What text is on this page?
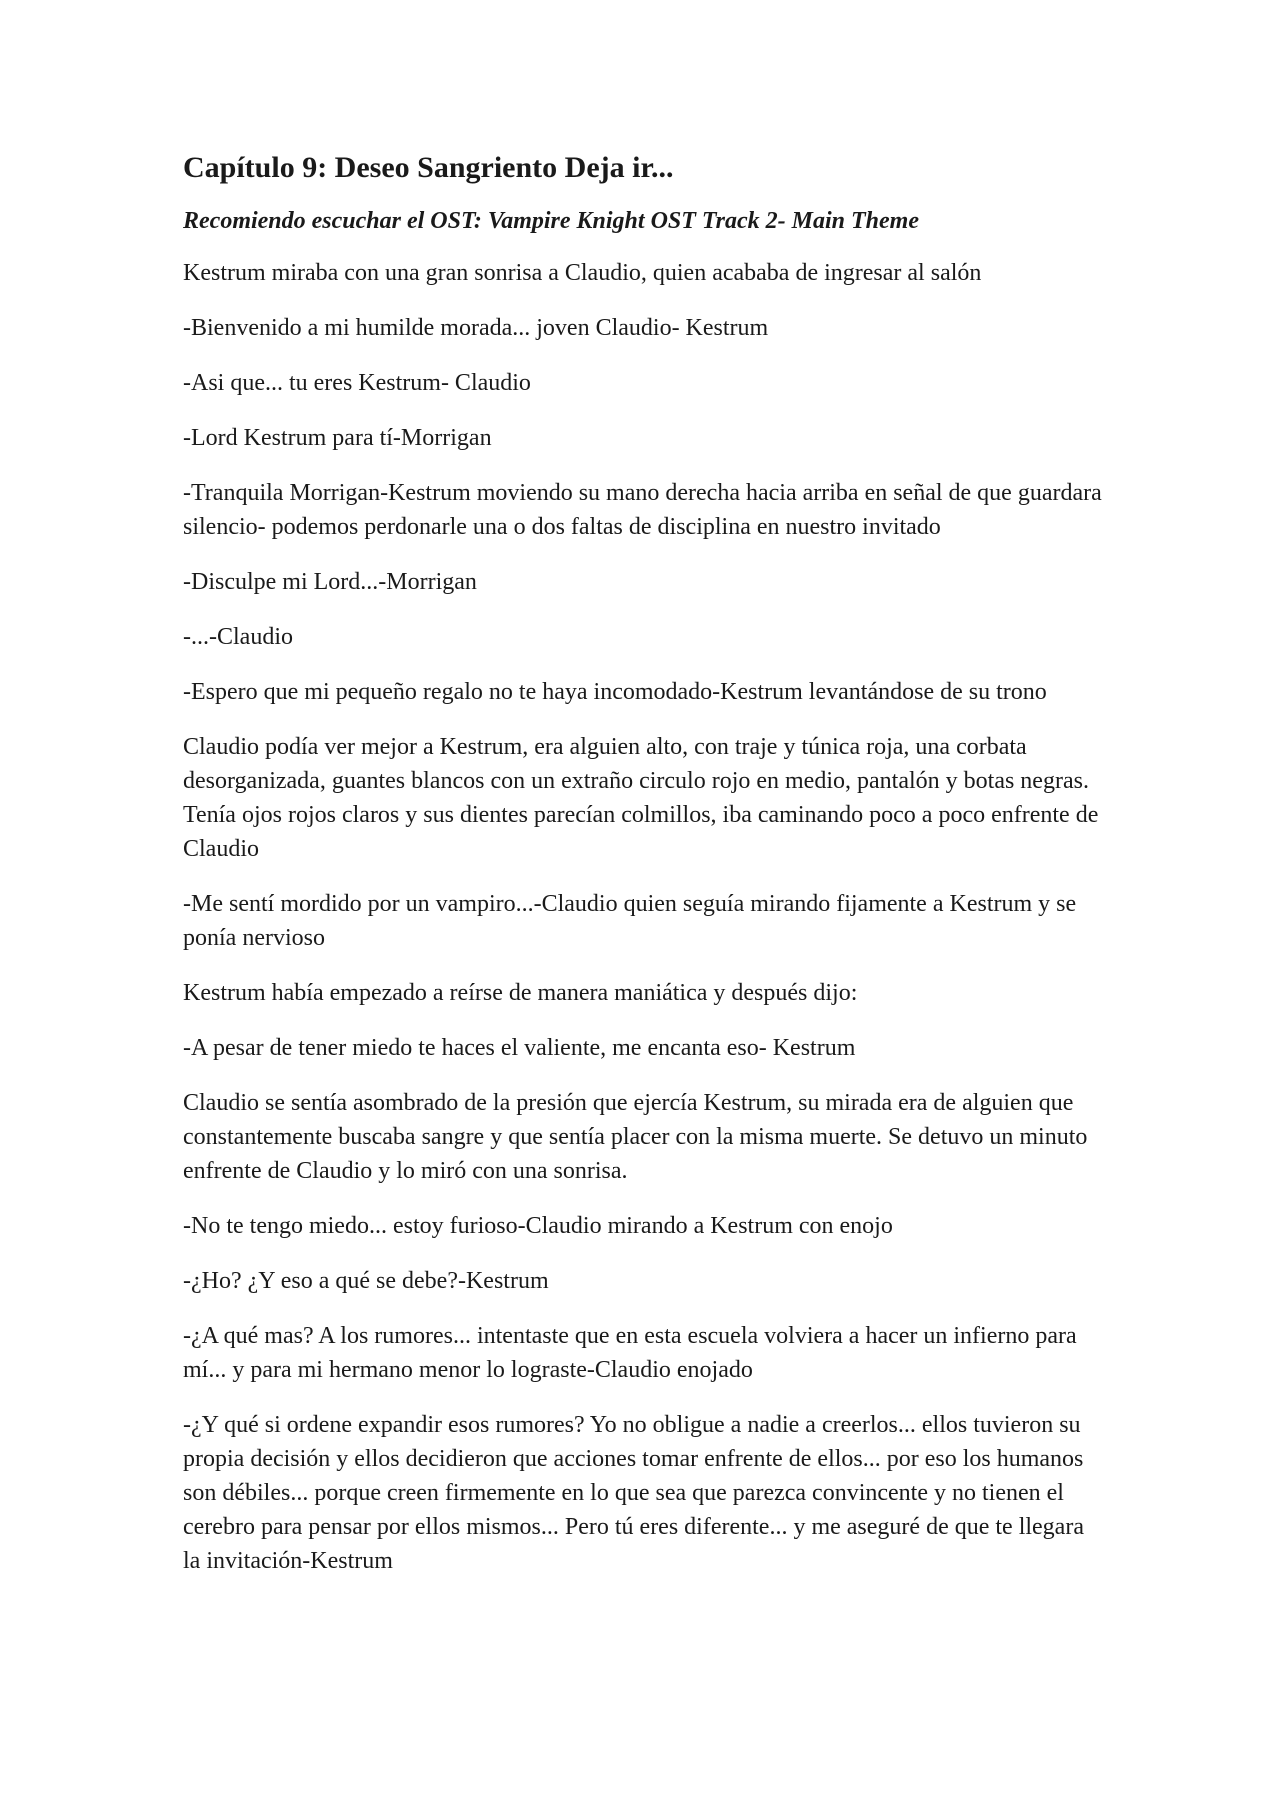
Capítulo 9: Deseo Sangriento Deja ir...
Recomiendo escuchar el OST: Vampire Knight OST Track 2- Main Theme

Kestrum miraba con una gran sonrisa a Claudio, quien acababa de ingresar al salón

-Bienvenido a mi humilde morada... joven Claudio- Kestrum

-Asi que... tu eres Kestrum- Claudio

-Lord Kestrum para tí-Morrigan

-Tranquila Morrigan-Kestrum moviendo su mano derecha hacia arriba en señal de que guardara silencio- podemos perdonarle una o dos faltas de disciplina en nuestro invitado

-Disculpe mi Lord...-Morrigan

-...-Claudio

-Espero que mi pequeño regalo no te haya incomodado-Kestrum levantándose de su trono

Claudio podía ver mejor a Kestrum, era alguien alto, con traje y túnica roja, una corbata desorganizada, guantes blancos con un extraño circulo rojo en medio, pantalón y botas negras. Tenía ojos rojos claros y sus dientes parecían colmillos, iba caminando poco a poco enfrente de Claudio

-Me sentí mordido por un vampiro...-Claudio quien seguía mirando fijamente a Kestrum y se ponía nervioso

Kestrum había empezado a reírse de manera maniática y después dijo:

-A pesar de tener miedo te haces el valiente, me encanta eso- Kestrum

Claudio se sentía asombrado de la presión que ejercía Kestrum, su mirada era de alguien que constantemente buscaba sangre y que sentía placer con la misma muerte. Se detuvo un minuto enfrente de Claudio y lo miró con una sonrisa.

-No te tengo miedo... estoy furioso-Claudio mirando a Kestrum con enojo

-¿Ho? ¿Y eso a qué se debe?-Kestrum

-¿A qué mas? A los rumores... intentaste que en esta escuela volviera a hacer un infierno para mí... y para mi hermano menor lo lograste-Claudio enojado

-¿Y qué si ordene expandir esos rumores? Yo no obligue a nadie a creerlos... ellos tuvieron su propia decisión y ellos decidieron que acciones tomar enfrente de ellos... por eso los humanos son débiles... porque creen firmemente en lo que sea que parezca convincente y no tienen el cerebro para pensar por ellos mismos... Pero tú eres diferente... y me aseguré de que te llegara la invitación-Kestrum
